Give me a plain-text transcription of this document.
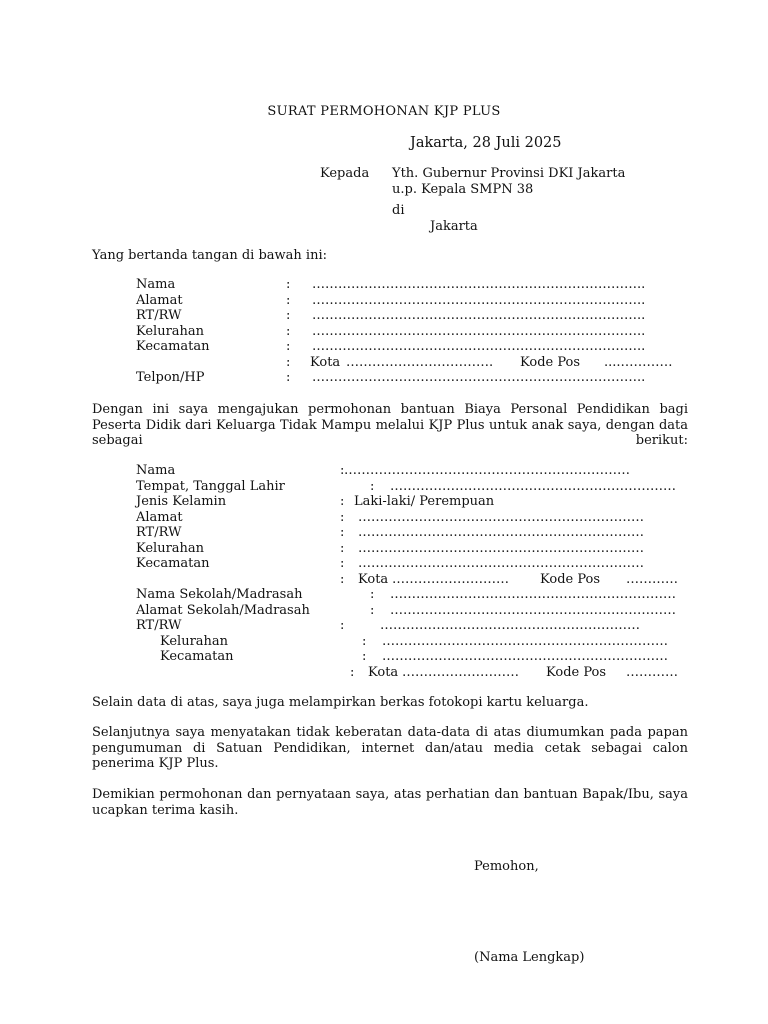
SURAT PERMOHONAN KJP PLUS
Jakarta, 28 Juli 2025
Kepada Yth. Gubernur Provinsi DKI Jakarta
u.p. Kepala SMPN 38
di
Jakarta
Yang bertanda tangan di bawah ini:
Nama	: …………………………………………………………………..
Alamat	: …………………………………………………………………..
RT/RW	: …………………………………………………………………..
Kelurahan	: …………………………………………………………………..
Kecamatan	: …………………………………………………………………..
: Kota ……………………………. Kode Pos ....…………
Telpon/HP	: …………………………………………………………………..
Dengan ini saya mengajukan permohonan bantuan Biaya Personal Pendidikan bagi Peserta Didik dari Keluarga Tidak Mampu melalui KJP Plus untuk anak saya, dengan data sebagai berikut:
Nama	: …………………………………………………………
Tempat, Tanggal Lahir	: …………………………………………………………
Jenis Kelamin	: Laki-laki/ Perempuan
Alamat	: …………………………………………………………
RT/RW	: …………………………………………………………
Kelurahan	: …………………………………………………………
Kecamatan	: …………………………………………………………
: Kota ……………………… Kode Pos …………
Nama Sekolah/Madrasah	: …………………………………………………………
Alamat Sekolah/Madrasah	: …………………………………………………………
RT/RW	:	……………………………………………………
Kelurahan	: …………………………………………………………
Kecamatan	: …………………………………………………………
: Kota ……………………… Kode Pos …………
Selain data di atas, saya juga melampirkan berkas fotokopi kartu keluarga.
Selanjutnya saya menyatakan tidak keberatan data-data di atas diumumkan pada papan pengumuman di Satuan Pendidikan, internet dan/atau media cetak sebagai calon penerima KJP Plus.
Demikian permohonan dan pernyataan saya, atas perhatian dan bantuan Bapak/Ibu, saya ucapkan terima kasih.
Pemohon,
(Nama Lengkap)
